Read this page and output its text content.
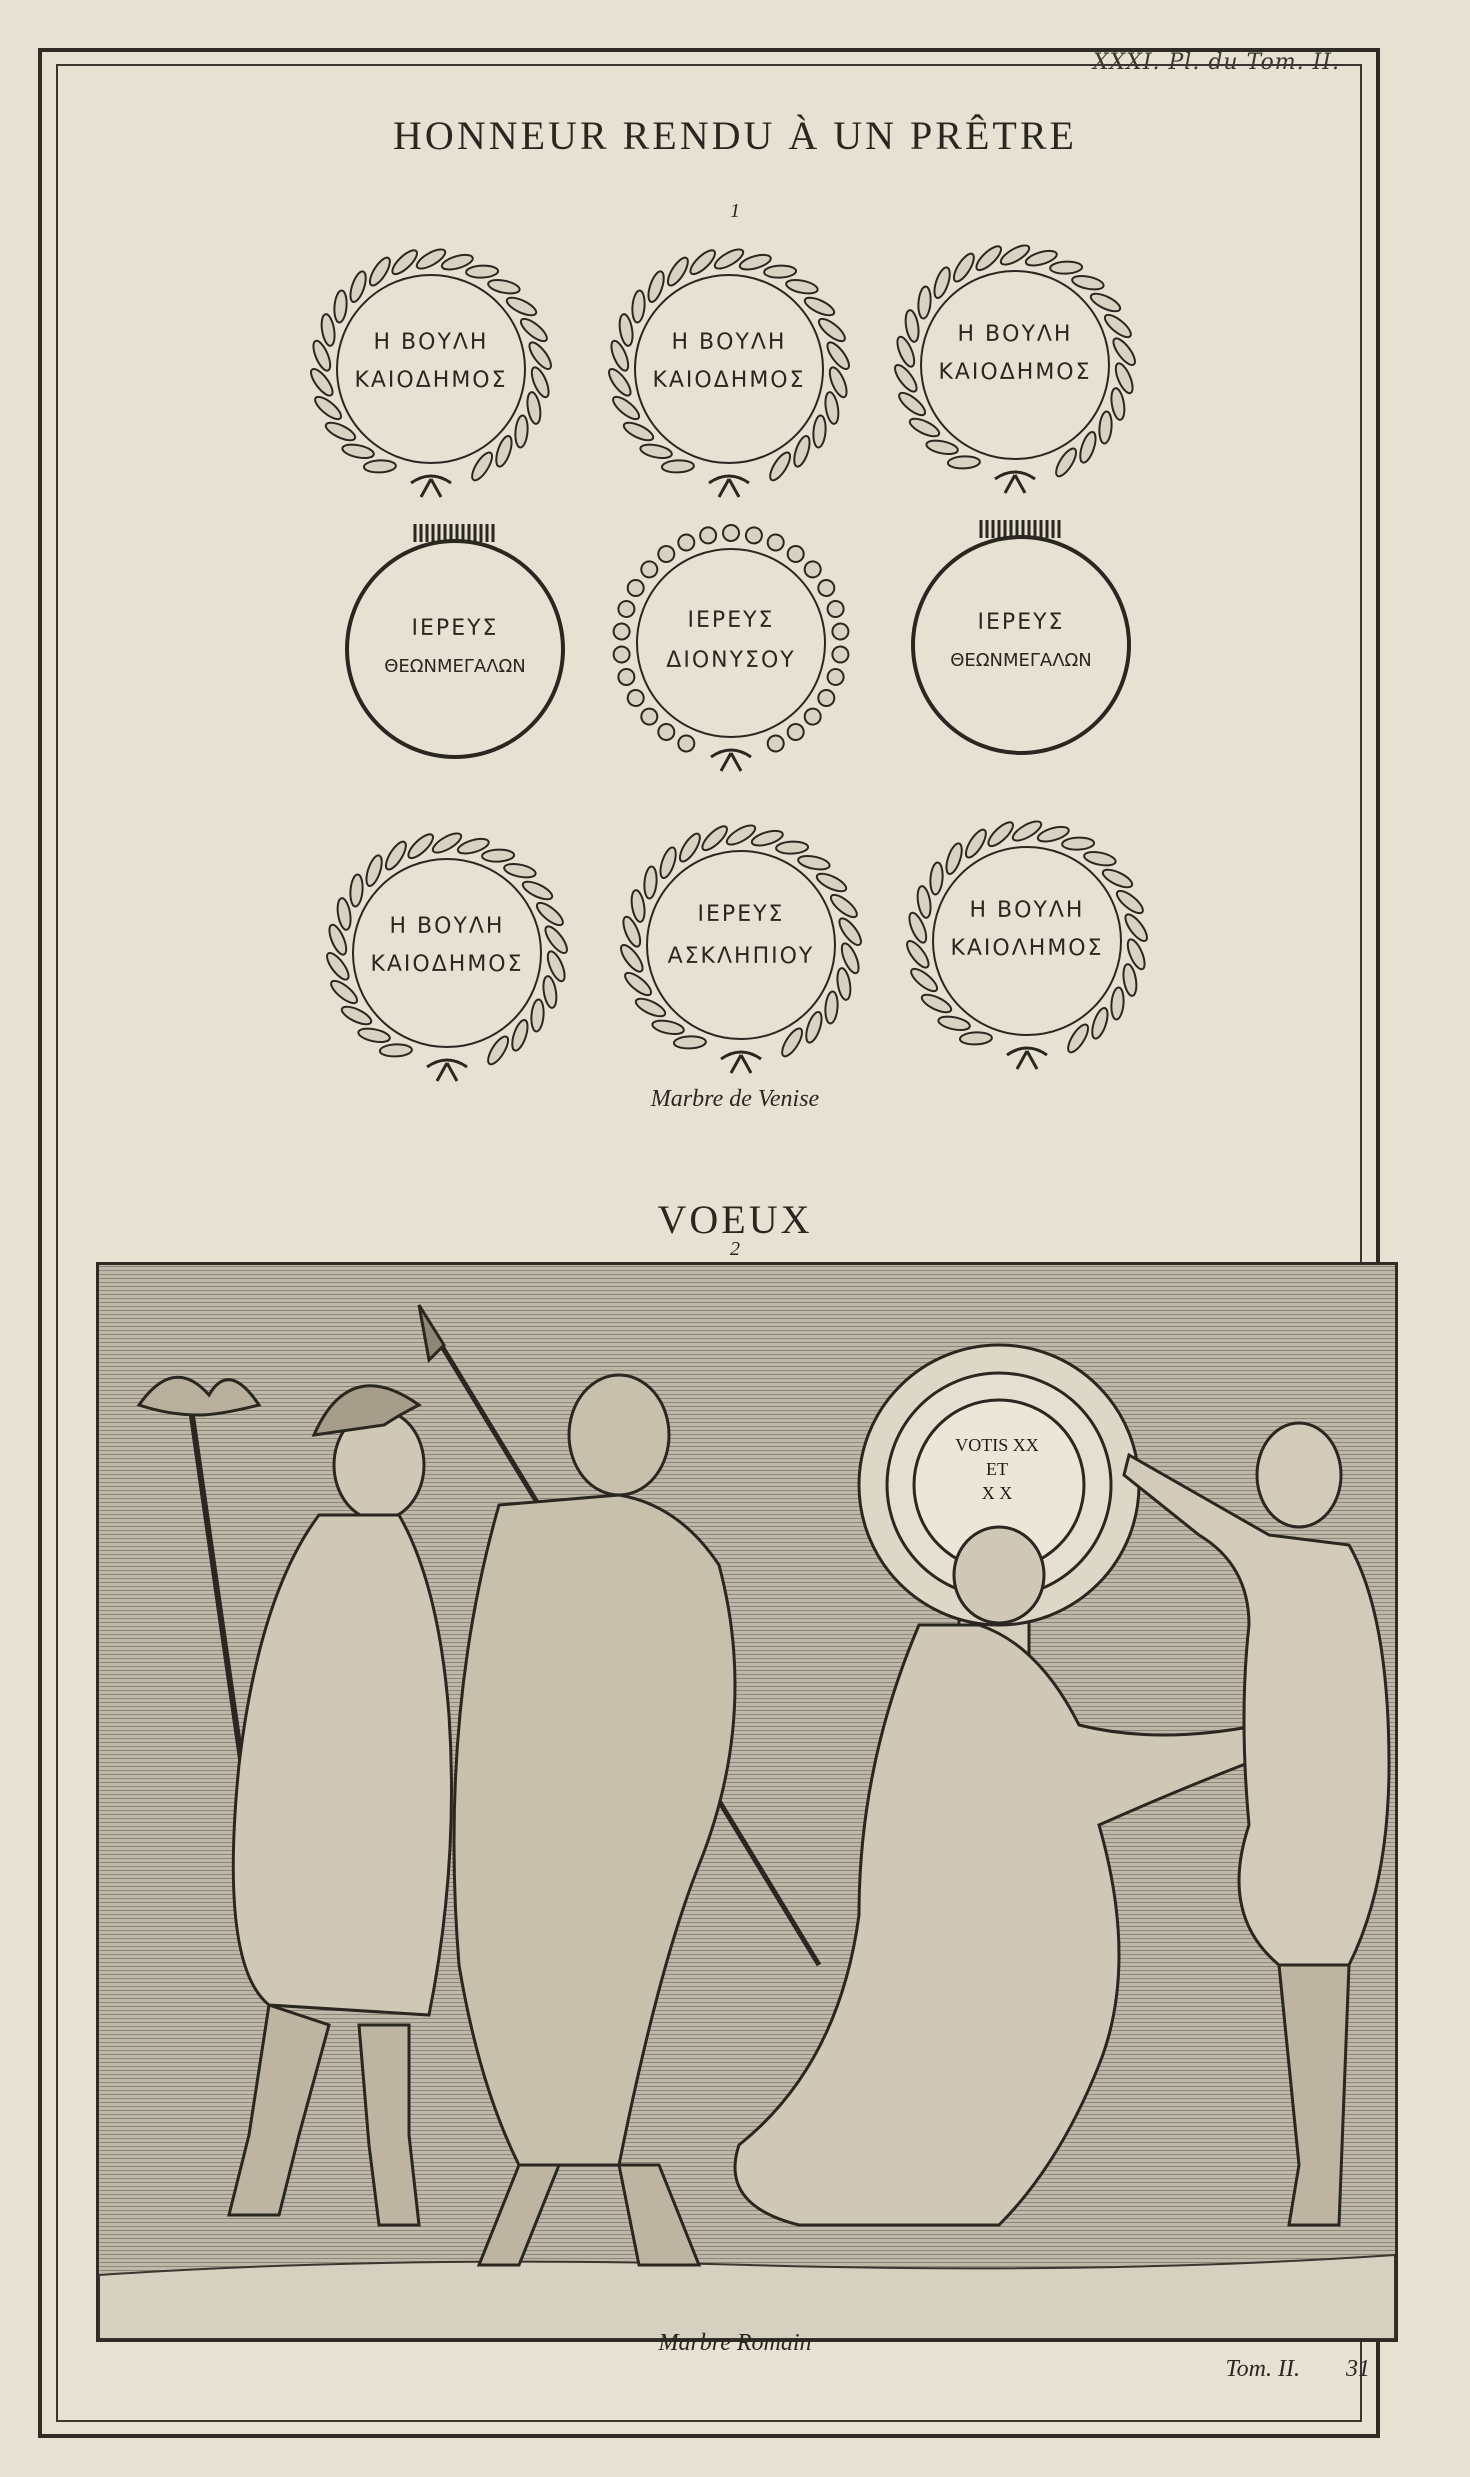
XXXI. Pl. du Tom. II.
HONNEUR RENDU À UN PRÊTRE
1
Η ΒΟΥΛΗ
ΚΑΙΟΔΗΜΟΣ
Η ΒΟΥΛΗ
ΚΑΙΟΔΗΜΟΣ
Η ΒΟΥΛΗ
ΚΑΙΟΔΗΜΟΣ
ΙΕΡΕΥΣ
ΘΕΩΝΜΕΓΑΛΩΝ
ΙΕΡΕΥΣ
ΔΙΟΝΥΣΟΥ
ΙΕΡΕΥΣ
ΘΕΩΝΜΕΓΑΛΩΝ
Η ΒΟΥΛΗ
ΚΑΙΟΔΗΜΟΣ
ΙΕΡΕΥΣ
ΑΣΚΛΗΠΙΟΥ
Η ΒΟΥΛΗ
ΚΑΙΟΛΗΜΟΣ
Marbre de Venise
VOEUX
2
VOTIS XX
ET
X X
Marbre Romain
Tom. II. 31
